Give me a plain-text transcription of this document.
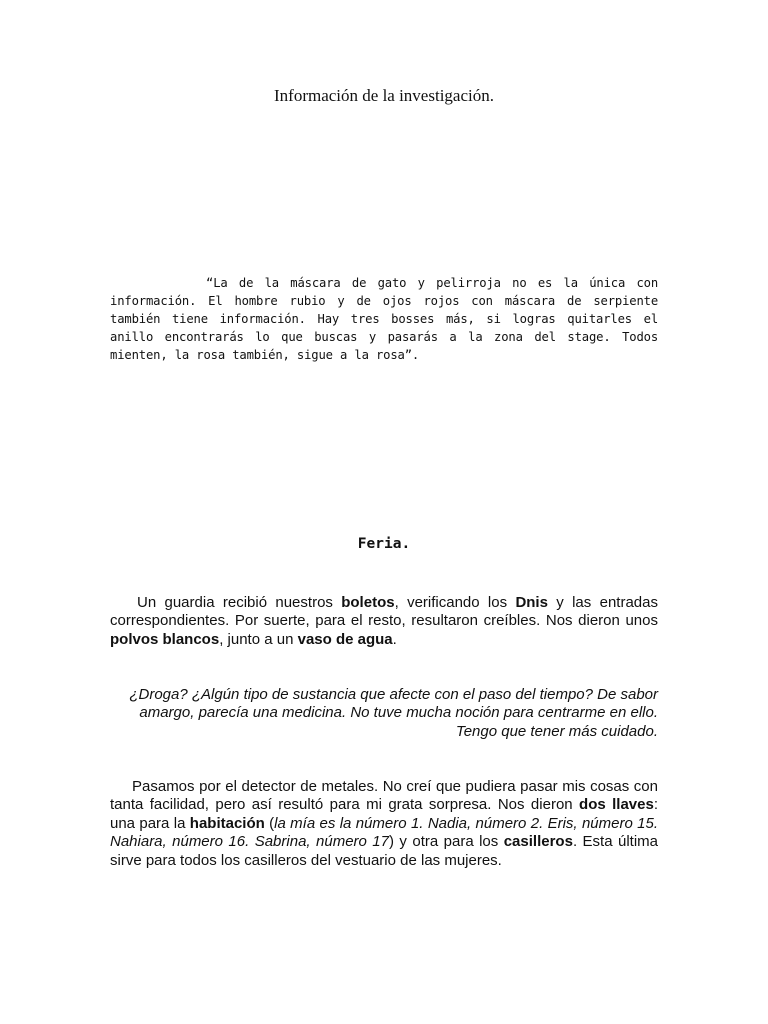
Información de la investigación.

“La de la máscara de gato y pelirroja no es la única con información. El hombre rubio y de ojos rojos con máscara de serpiente también tiene información. Hay tres bosses más, si logras quitarles el anillo encontrarás lo que buscas y pasarás a la zona del stage. Todos mienten, la rosa también, sigue a la rosa”.

Feria.

Un guardia recibió nuestros boletos, verificando los Dnis y las entradas correspondientes. Por suerte, para el resto, resultaron creíbles. Nos dieron unos polvos blancos, junto a un vaso de agua.

¿Droga? ¿Algún tipo de sustancia que afecte con el paso del tiempo? De sabor amargo, parecía una medicina. No tuve mucha noción para centrarme en ello. Tengo que tener más cuidado.

Pasamos por el detector de metales. No creí que pudiera pasar mis cosas con tanta facilidad, pero así resultó para mi grata sorpresa. Nos dieron dos llaves: una para la habitación (la mía es la número 1. Nadia, número 2. Eris, número 15. Nahiara, número 16. Sabrina, número 17) y otra para los casilleros. Esta última sirve para todos los casilleros del vestuario de las mujeres.
